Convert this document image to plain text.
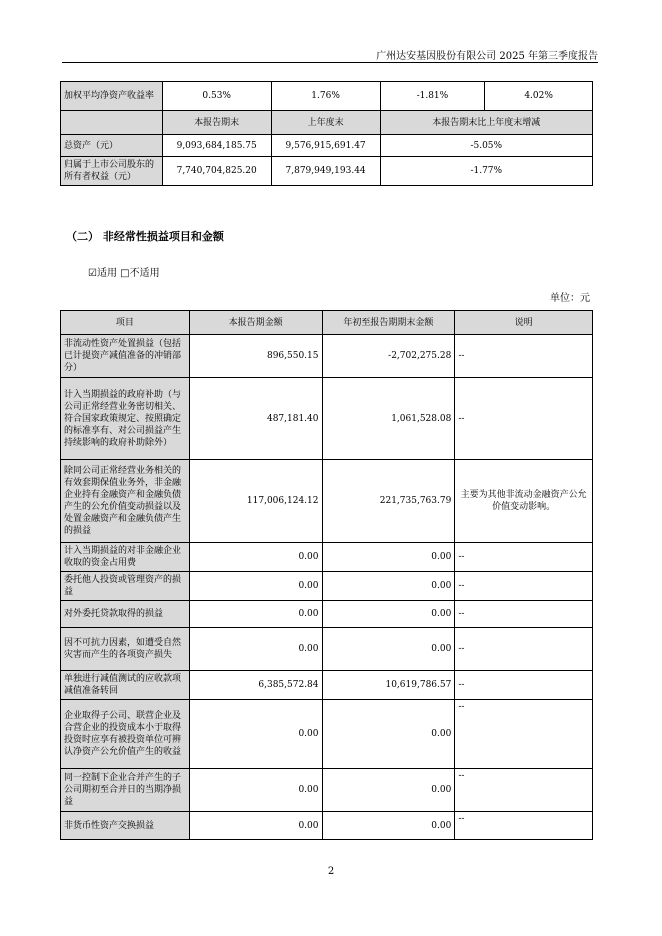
广州达安基因股份有限公司 2025 年第三季度报告
加权平均净资产收益率	0.53%	1.76%	-1.81%	4.02%
	本报告期末	上年度末	本报告期末比上年度末增减	
总资产（元）	9,093,684,185.75	9,576,915,691.47	-5.05%	
归属于上市公司股东的所有者权益（元）	7,740,704,825.20	7,879,949,193.44	-1.77%	
（二） 非经常性损益项目和金额
☑适用 □不适用
单位：元
项目	本报告期金额	年初至报告期期末金额	说明
非流动性资产处置损益（包括已计提资产减值准备的冲销部分）	896,550.15	-2,702,275.28	--
计入当期损益的政府补助（与公司正常经营业务密切相关、符合国家政策规定、按照确定的标准享有、对公司损益产生持续影响的政府补助除外）	487,181.40	1,061,528.08	--
除同公司正常经营业务相关的有效套期保值业务外，非金融企业持有金融资产和金融负债产生的公允价值变动损益以及处置金融资产和金融负债产生的损益	117,006,124.12	221,735,763.79	主要为其他非流动金融资产公允价值变动影响。
计入当期损益的对非金融企业收取的资金占用费	0.00	0.00	--
委托他人投资或管理资产的损益	0.00	0.00	--
对外委托贷款取得的损益	0.00	0.00	--
因不可抗力因素，如遭受自然灾害而产生的各项资产损失	0.00	0.00	--
单独进行减值测试的应收款项减值准备转回	6,385,572.84	10,619,786.57	--
企业取得子公司、联营企业及合营企业的投资成本小于取得投资时应享有被投资单位可辨认净资产公允价值产生的收益	0.00	0.00	--
同一控制下企业合并产生的子公司期初至合并日的当期净损益	0.00	0.00	--
非货币性资产交换损益	0.00	0.00	--
2
